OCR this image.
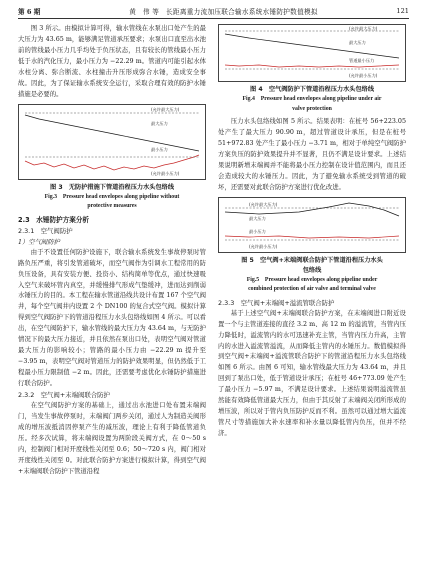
第 6 期	黄　伟 等　长距离重力流加压联合输水系统水锤防护数值模拟	121

图 3 所示。由模拟计算可得，输水管线在水泵出口处产生的最大压力为 43.65 m，能够满足管道承压要求；水泵出口直至出水池前的管线最小压力几乎均处于负压状态，且有较长的管线最小压力低于水的汽化压力，最小压力为 −22.29 m。管道内可能引起水体水柱分离、弥合断流、水柱撞击升压形成弥合水锤，造成安全事故。因此，为了保证输水系统安全运行，采取合理有效的防护水锤措施是必要的。

(允许最大压力)
最大压力
最小压力
(允许最小压力)
图 3　无防护措施下管道沿程压力水头包络线
Fig.3　Pressure head envelopes along pipeline without
protective measures
2.3　水锤防护方案分析
2.3.1　空气阀防护
1）空气阀防护

由于不设置任何防护设施下，联合输水系统发生事故停泵时管路负压严重，将引发管道破坏，而空气阀作为引调水工程常用的防负压设备，具有安装方便、投资小、结构简单等优点，通过快速吸入空气来破坏管内真空，并缓慢排气形成气垫缓冲，进而达到削弱水锤压力的目的。本工程在输水管道沿线共设计布置 167 个空气阀井，每个空气阀井内设置 2 个 DN100 的复合式空气阀。模拟计算得到空气阀防护下的管道沿程压力水头包络线如图 4 所示。可以看出，在空气阀防护下，输水管线的最大压力为 43.64 m，与无防护情况下的最大压力接近，并且依然在泵出口处，表明空气阀对管道最大压力的影响较小；管路的最小压力由 −22.29 m 提升至 −3.95 m，表明空气阀对管道压力的防护效果明显，但仍然低于工程最小压力限制值 −2 m。因此，还需要考虑优化水锤防护措施进行联合防护。

2.3.2　空气阀+末端阀联合防护

在空气阀防护方案的基础上，通过出水池进口处布置末端阀门，当发生事故停泵时，末端阀门两步关闭，通过人为制造关阀形成的增压波抵消因停泵产生的减压波，理论上有利于降低管道负压。经多次试算，将末端阀设置为两阶段关阀方式，在 0～50 s 内，控制阀门相对开度线性关闭至 0.6；50～720 s 内，阀门相对开度线性关闭至 0。对此联合防护方案进行模拟计算，得到空气阀+末端阀联合防护下管道沿程

(允许最大压力)
最大压力
管道最小压力
(允许最小压力)
图 4　空气阀防护下管道沿程压力水头包络线
Fig.4　Pressure head envelopes along pipeline under air
valve protection

压力水头包络线如图 5 所示。结果表明：在桩号 56+223.05 处产生了最大压力 90.90 m，超过管道设计承压，但是在桩号 51+972.83 处产生了最小压力 −3.71 m，相对于单纯空气阀防护方案负压的防护效果提升并不显著，且仍不满足设计要求。上述结果说明新增末端阀并不能将最小压力控制在设计值范围内，而且还会造成较大的水锤压力。因此，为了避免输水系统受到管道的破坏，还需要对此联合防护方案进行优化改进。

(允许最大压力)
最大压力
最小压力
(允许最小压力)
图 5　空气阀+末端阀联合防护下管道沿程压力水头
包络线
Fig.5　Pressure head envelopes along pipeline under
combined protection of air valve and terminal valve
2.3.3　空气阀+末端阀+溢流管联合防护

基于上述空气阀+末端阀联合防护方案，在末端阀进口附近设置一个与主管道连接的直径 3.2 m、高 12 m 的溢流管，当管内压力降低时，溢流管内的水可迅速补充主管，当管内压力升高，主管内的水进入溢流管溢流，从而降低主管内的水锤压力。数值模拟得到空气阀+末端阀+溢流管联合防护下的管道沿程压力水头包络线如图 6 所示。由图 6 可知，输水管线最大压力为 43.64 m，并且回到了泵出口处，低于管道设计承压；在桩号 46+773.09 处产生了最小压力 −5.97 m，不满足设计要求。上述结果说明溢流管虽然能有效降低管道最大压力，但由于其反射了末端阀关闭所形成的增压波，所以对于管内负压防护反而不利。虽然可以通过增大溢流管尺寸等措施加大补水速率和补水量以降低管内负压，但并不经济。
